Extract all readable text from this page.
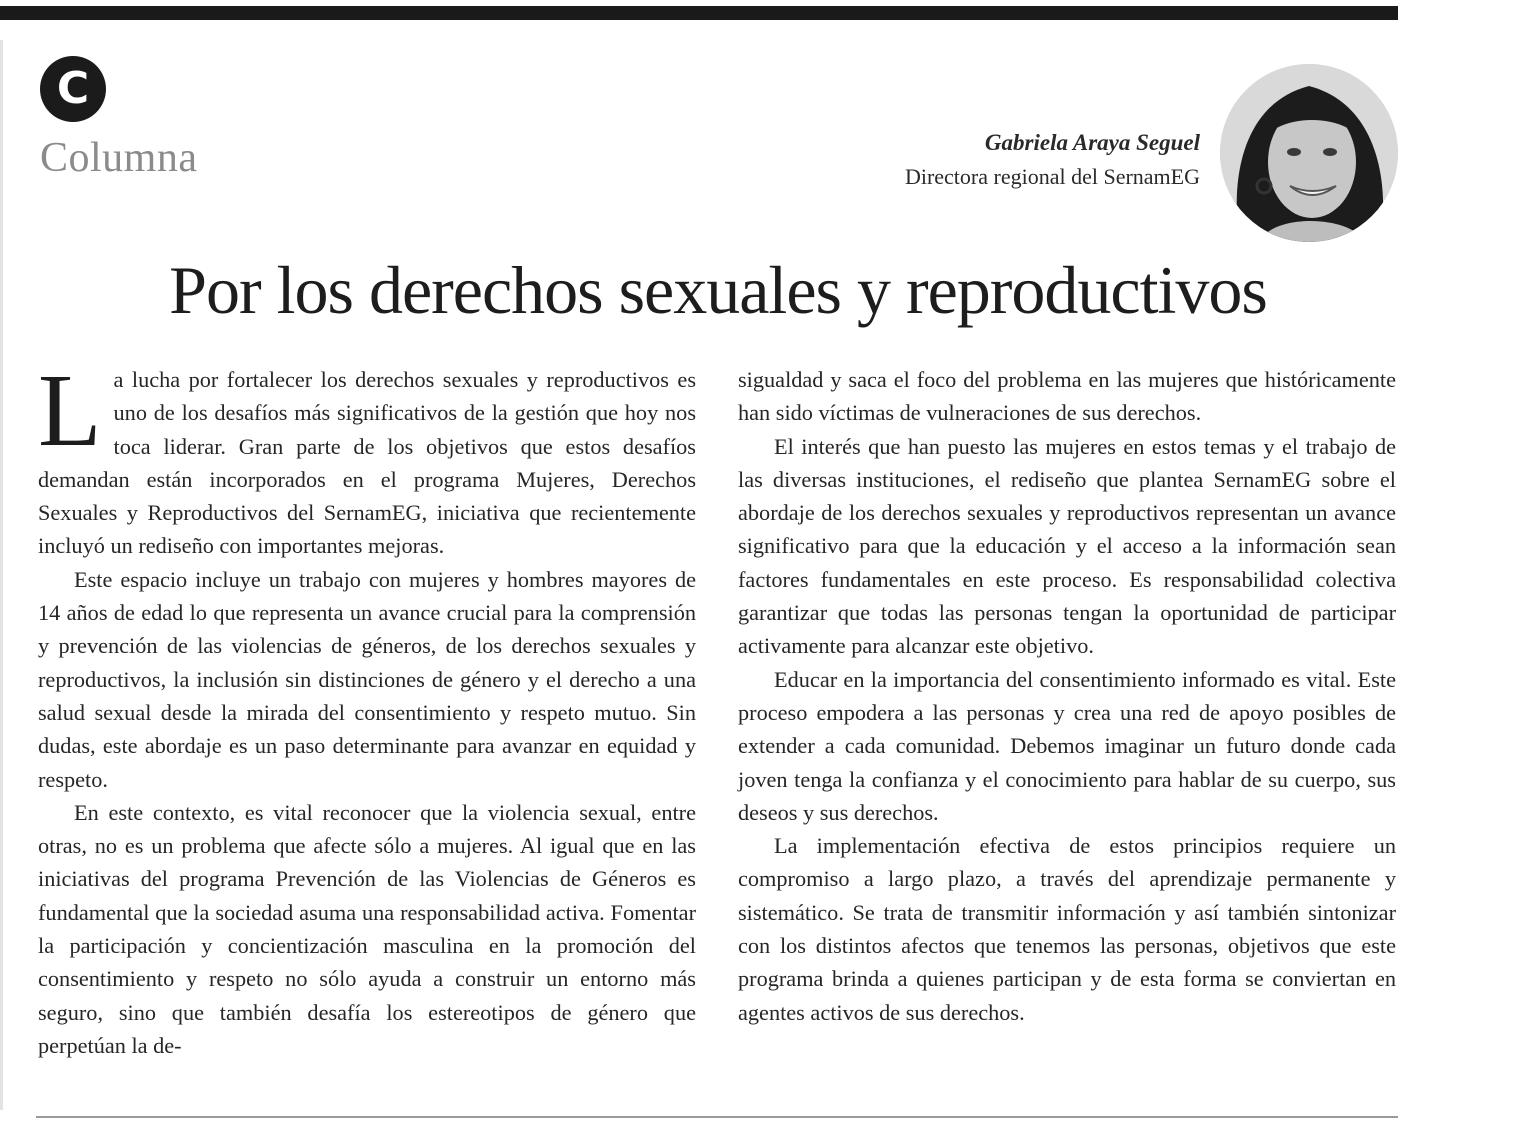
C
Columna	Gabriela Araya Seguel
Directora regional del SernamEG
Por los derechos sexuales y reproductivos

La lucha por fortalecer los derechos sexuales y reproductivos es uno de los desafíos más significativos de la gestión que hoy nos toca liderar. Gran parte de los objetivos que estos desafíos demandan están incorporados en el programa Mujeres, Derechos Sexuales y Reproductivos del SernamEG, iniciativa que recientemente incluyó un rediseño con importantes mejoras.

Este espacio incluye un trabajo con mujeres y hombres mayores de 14 años de edad lo que representa un avance crucial para la comprensión y prevención de las violencias de géneros, de los derechos sexuales y reproductivos, la inclusión sin distinciones de género y el derecho a una salud sexual desde la mirada del consentimiento y respeto mutuo. Sin dudas, este abordaje es un paso determinante para avanzar en equidad y respeto.

En este contexto, es vital reconocer que la violencia sexual, entre otras, no es un problema que afecte sólo a mujeres. Al igual que en las iniciativas del programa Prevención de las Violencias de Géneros es fundamental que la sociedad asuma una responsabilidad activa. Fomentar la participación y concientización masculina en la promoción del consentimiento y respeto no sólo ayuda a construir un entorno más seguro, sino que también desafía los estereotipos de género que perpetúan la de-

sigualdad y saca el foco del problema en las mujeres que históricamente han sido víctimas de vulneraciones de sus derechos.

El interés que han puesto las mujeres en estos temas y el trabajo de las diversas instituciones, el rediseño que plantea SernamEG sobre el abordaje de los derechos sexuales y reproductivos representan un avance significativo para que la educación y el acceso a la información sean factores fundamentales en este proceso. Es responsabilidad colectiva garantizar que todas las personas tengan la oportunidad de participar activamente para alcanzar este objetivo.

Educar en la importancia del consentimiento informado es vital. Este proceso empodera a las personas y crea una red de apoyo posibles de extender a cada comunidad. Debemos imaginar un futuro donde cada joven tenga la confianza y el conocimiento para hablar de su cuerpo, sus deseos y sus derechos.

La implementación efectiva de estos principios requiere un compromiso a largo plazo, a través del aprendizaje permanente y sistemático. Se trata de transmitir información y así también sintonizar con los distintos afectos que tenemos las personas, objetivos que este programa brinda a quienes participan y de esta forma se conviertan en agentes activos de sus derechos.
